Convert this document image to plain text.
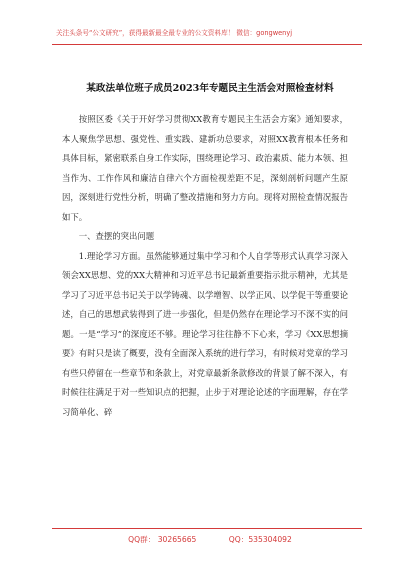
关注头条号“公文研究”，获得最新最全最专业的公文资料库！ 微信：gongwenyj
某政法单位班子成员2023年专题民主生活会对照检查材料

按照区委《关于开好学习贯彻XX教育专题民主生活会方案》通知要求，本人聚焦学思想、强党性、重实践、建新功总要求，对照XX教育根本任务和具体目标，紧密联系自身工作实际，围绕理论学习、政治素质、能力本领、担当作为、工作作风和廉洁自律六个方面检视差距不足，深刻剖析问题产生原因，深刻进行党性分析，明确了整改措施和努力方向。现将对照检查情况报告如下。

一、查摆的突出问题

1.理论学习方面。虽然能够通过集中学习和个人自学等形式认真学习深入领会XX思想、党的XX大精神和习近平总书记最新重要指示批示精神，尤其是学习了习近平总书记关于以学铸魂、以学增智、以学正风、以学促干等重要论述，自己的思想武装得到了进一步强化，但是仍然存在理论学习不深不实的问题。一是“学习”的深度还不够。理论学习往往静不下心来，学习《XX思想摘要》有时只是读了概要，没有全面深入系统的进行学习，有时候对党章的学习有些只停留在一些章节和条款上，对党章最新条款修改的背景了解不深入，有时候往往满足于对一些知识点的把握，止步于对理论论述的字面理解，存在学习简单化、碎

QQ群： 30265665	QQ：535304092
